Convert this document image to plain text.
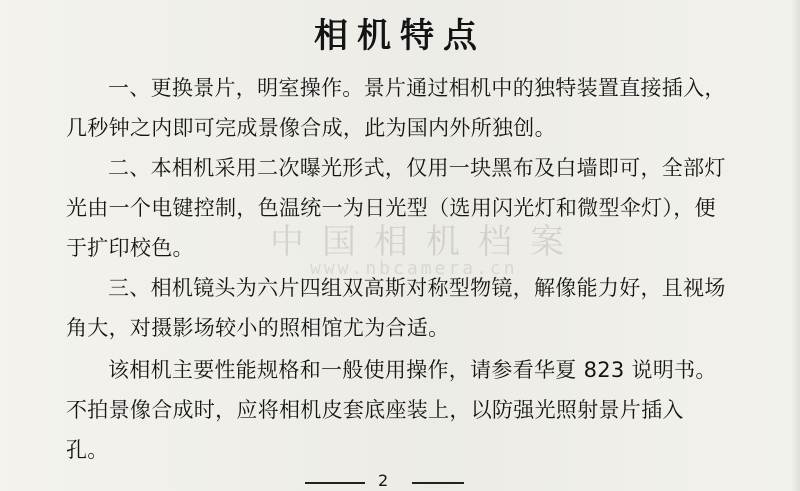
相机特点

一、更换景片，明室操作。景片通过相机中的独特装置直接插入，几秒钟之内即可完成景像合成，此为国内外所独创。

二、本相机采用二次曝光形式，仅用一块黑布及白墙即可，全部灯光由一个电键控制，色温统一为日光型（选用闪光灯和微型伞灯），便于扩印校色。

三、相机镜头为六片四组双高斯对称型物镜，解像能力好，且视场角大，对摄影场较小的照相馆尤为合适。

该相机主要性能规格和一般使用操作，请参看华夏 823 说明书。不拍景像合成时，应将相机皮套底座装上，以防强光照射景片插入孔。

中国相机档案
www.nbcamera.cn
2
